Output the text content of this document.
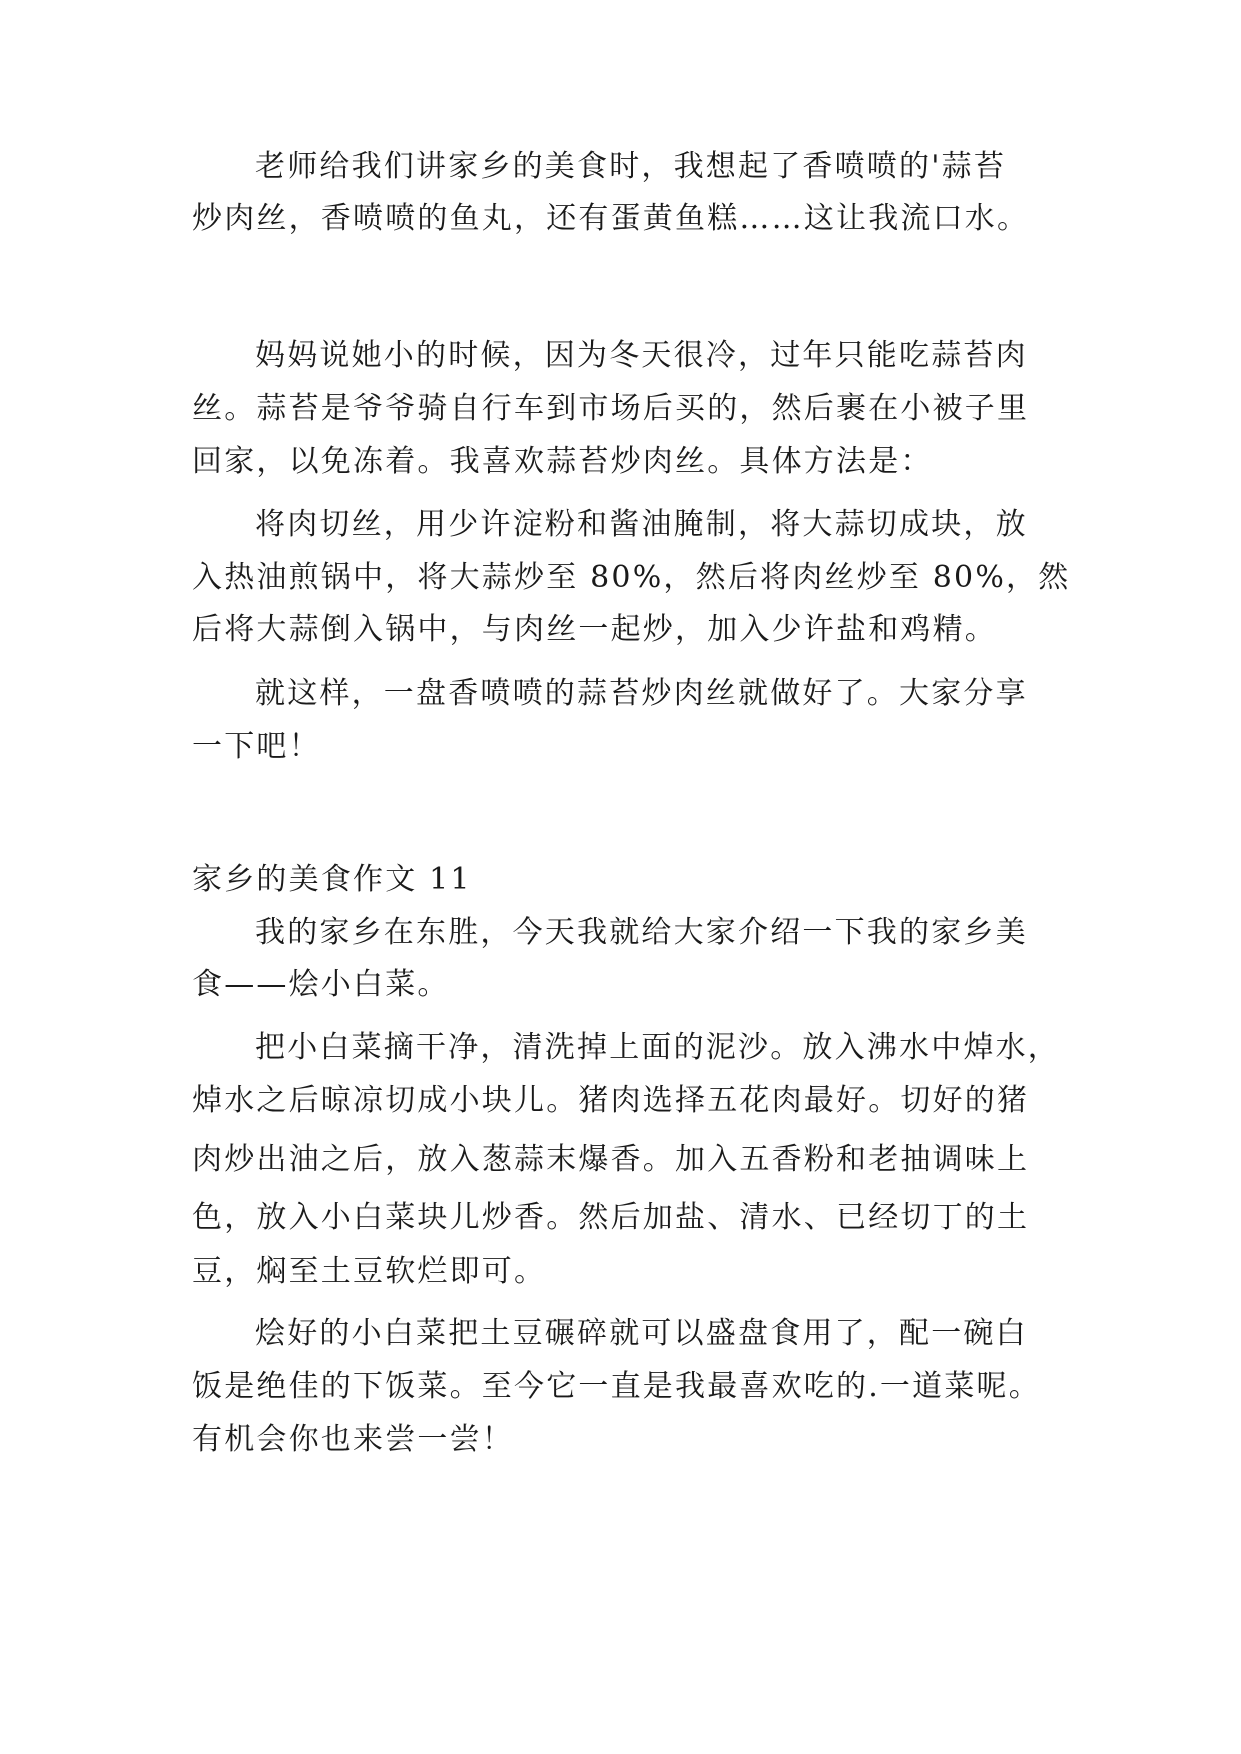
老师给我们讲家乡的美食时，我想起了香喷喷的'蒜苔
炒肉丝，香喷喷的鱼丸，还有蛋黄鱼糕……这让我流口水。
妈妈说她小的时候，因为冬天很冷，过年只能吃蒜苔肉
丝。蒜苔是爷爷骑自行车到市场后买的，然后裹在小被子里
回家，以免冻着。我喜欢蒜苔炒肉丝。具体方法是：
将肉切丝，用少许淀粉和酱油腌制，将大蒜切成块，放
入热油煎锅中，将大蒜炒至 80%，然后将肉丝炒至 80%，然
后将大蒜倒入锅中，与肉丝一起炒，加入少许盐和鸡精。
就这样，一盘香喷喷的蒜苔炒肉丝就做好了。大家分享
一下吧！
家乡的美食作文 11
我的家乡在东胜，今天我就给大家介绍一下我的家乡美
食——烩小白菜。
把小白菜摘干净，清洗掉上面的泥沙。放入沸水中焯水，
焯水之后晾凉切成小块儿。猪肉选择五花肉最好。切好的猪
肉炒出油之后，放入葱蒜末爆香。加入五香粉和老抽调味上
色，放入小白菜块儿炒香。然后加盐、清水、已经切丁的土
豆，焖至土豆软烂即可。
烩好的小白菜把土豆碾碎就可以盛盘食用了，配一碗白
饭是绝佳的下饭菜。至今它一直是我最喜欢吃的.一道菜呢。
有机会你也来尝一尝！
